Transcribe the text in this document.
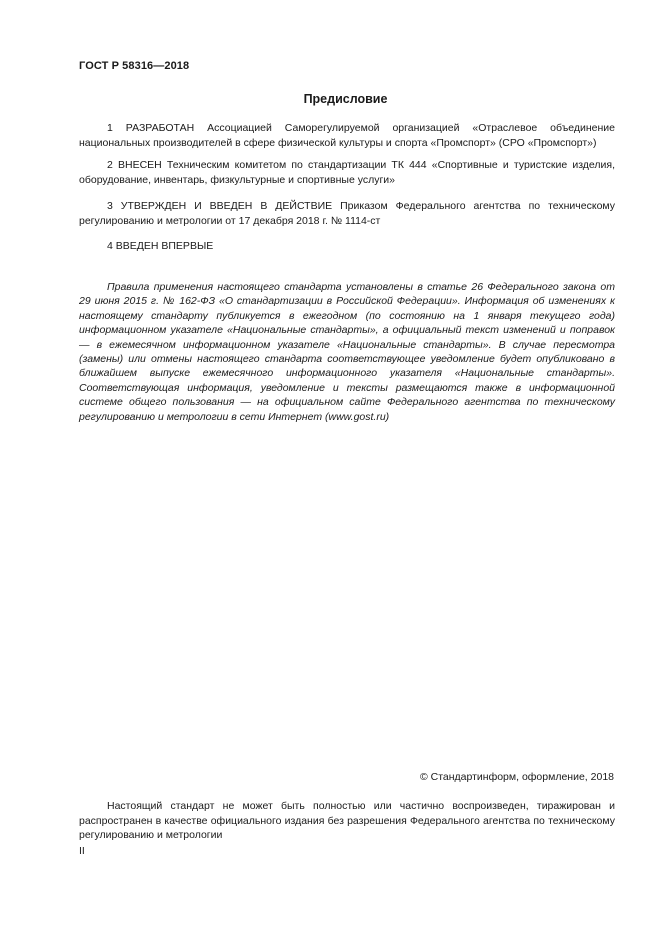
ГОСТ Р 58316—2018
Предисловие

1 РАЗРАБОТАН Ассоциацией Саморегулируемой организацией «Отраслевое объединение национальных производителей в сфере физической культуры и спорта «Промспорт» (СРО «Промспорт»)

2 ВНЕСЕН Техническим комитетом по стандартизации ТК 444 «Спортивные и туристские изделия, оборудование, инвентарь, физкультурные и спортивные услуги»

3 УТВЕРЖДЕН И ВВЕДЕН В ДЕЙСТВИЕ Приказом Федерального агентства по техническому регулированию и метрологии от 17 декабря 2018 г. № 1114-ст

4 ВВЕДЕН ВПЕРВЫЕ

Правила применения настоящего стандарта установлены в статье 26 Федерального закона от 29 июня 2015 г. № 162-ФЗ «О стандартизации в Российской Федерации». Информация об изменениях к настоящему стандарту публикуется в ежегодном (по состоянию на 1 января текущего года) информационном указателе «Национальные стандарты», а официальный текст изменений и поправок — в ежемесячном информационном указателе «Национальные стандарты». В случае пересмотра (замены) или отмены настоящего стандарта соответствующее уведомление будет опубликовано в ближайшем выпуске ежемесячного информационного указателя «Национальные стандарты». Соответствующая информация, уведомление и тексты размещаются также в информационной системе общего пользования — на официальном сайте Федерального агентства по техническому регулированию и метрологии в сети Интернет (www.gost.ru)

© Стандартинформ, оформление, 2018

Настоящий стандарт не может быть полностью или частично воспроизведен, тиражирован и распространен в качестве официального издания без разрешения Федерального агентства по техническому регулированию и метрологии

II
